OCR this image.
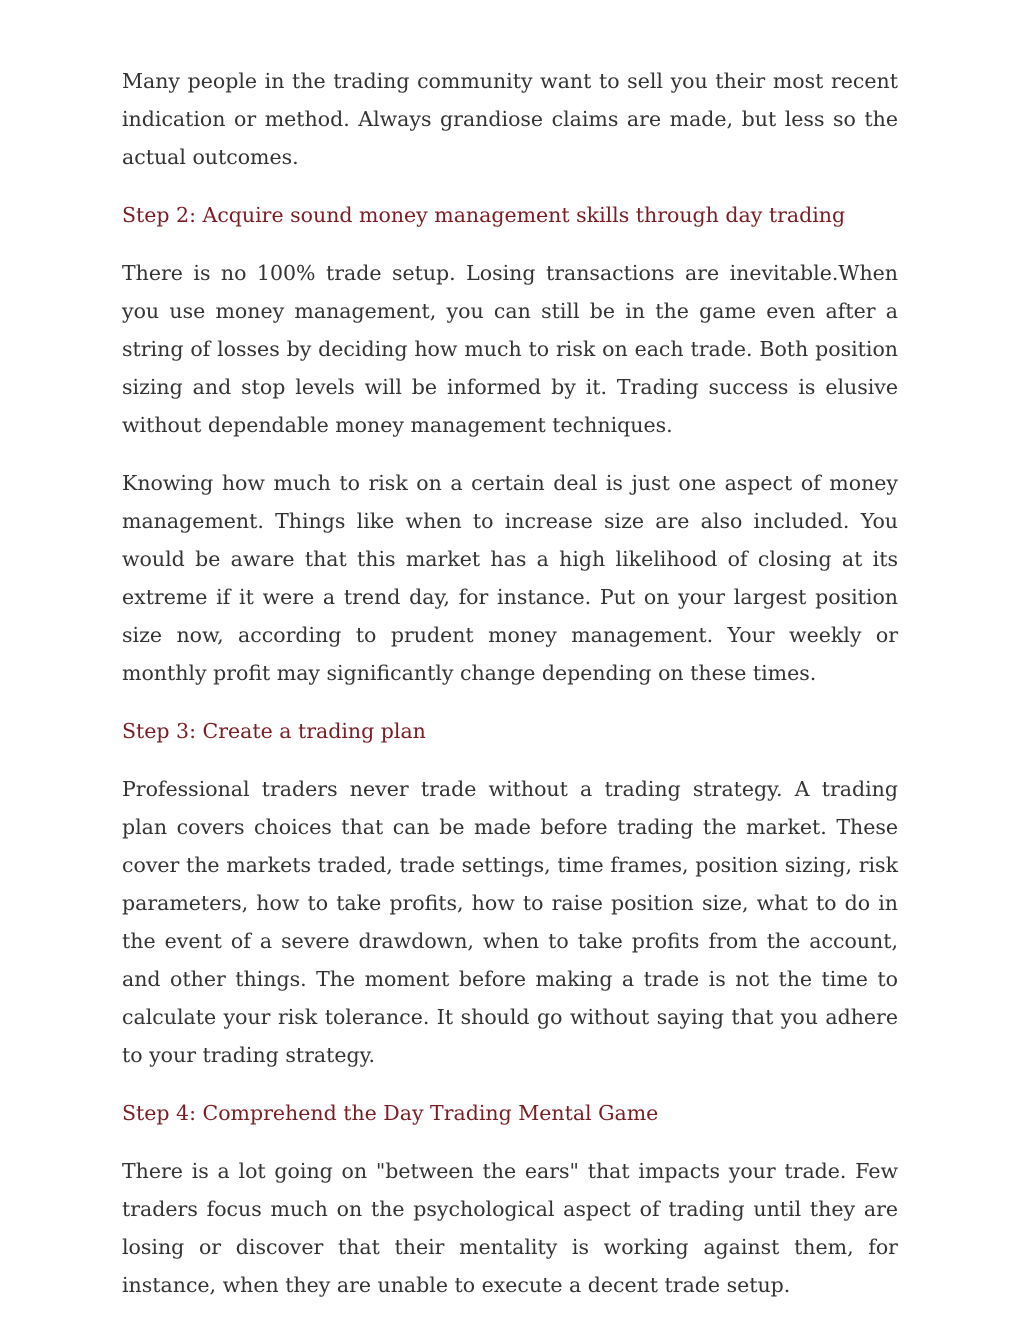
Many people in the trading community want to sell you their most recent indication or method. Always grandiose claims are made, but less so the actual outcomes.

Step 2: Acquire sound money management skills through day trading

There is no 100% trade setup. Losing transactions are inevitable.When you use money management, you can still be in the game even after a string of losses by deciding how much to risk on each trade. Both position sizing and stop levels will be informed by it. Trading success is elusive without dependable money management techniques.

Knowing how much to risk on a certain deal is just one aspect of money management. Things like when to increase size are also included. You would be aware that this market has a high likelihood of closing at its extreme if it were a trend day, for instance. Put on your largest position size now, according to prudent money management. Your weekly or monthly profit may significantly change depending on these times.

Step 3: Create a trading plan

Professional traders never trade without a trading strategy. A trading plan covers choices that can be made before trading the market. These cover the markets traded, trade settings, time frames, position sizing, risk parameters, how to take profits, how to raise position size, what to do in the event of a severe drawdown, when to take profits from the account, and other things. The moment before making a trade is not the time to calculate your risk tolerance. It should go without saying that you adhere to your trading strategy.

Step 4: Comprehend the Day Trading Mental Game

There is a lot going on "between the ears" that impacts your trade. Few traders focus much on the psychological aspect of trading until they are losing or discover that their mentality is working against them, for instance, when they are unable to execute a decent trade setup.
